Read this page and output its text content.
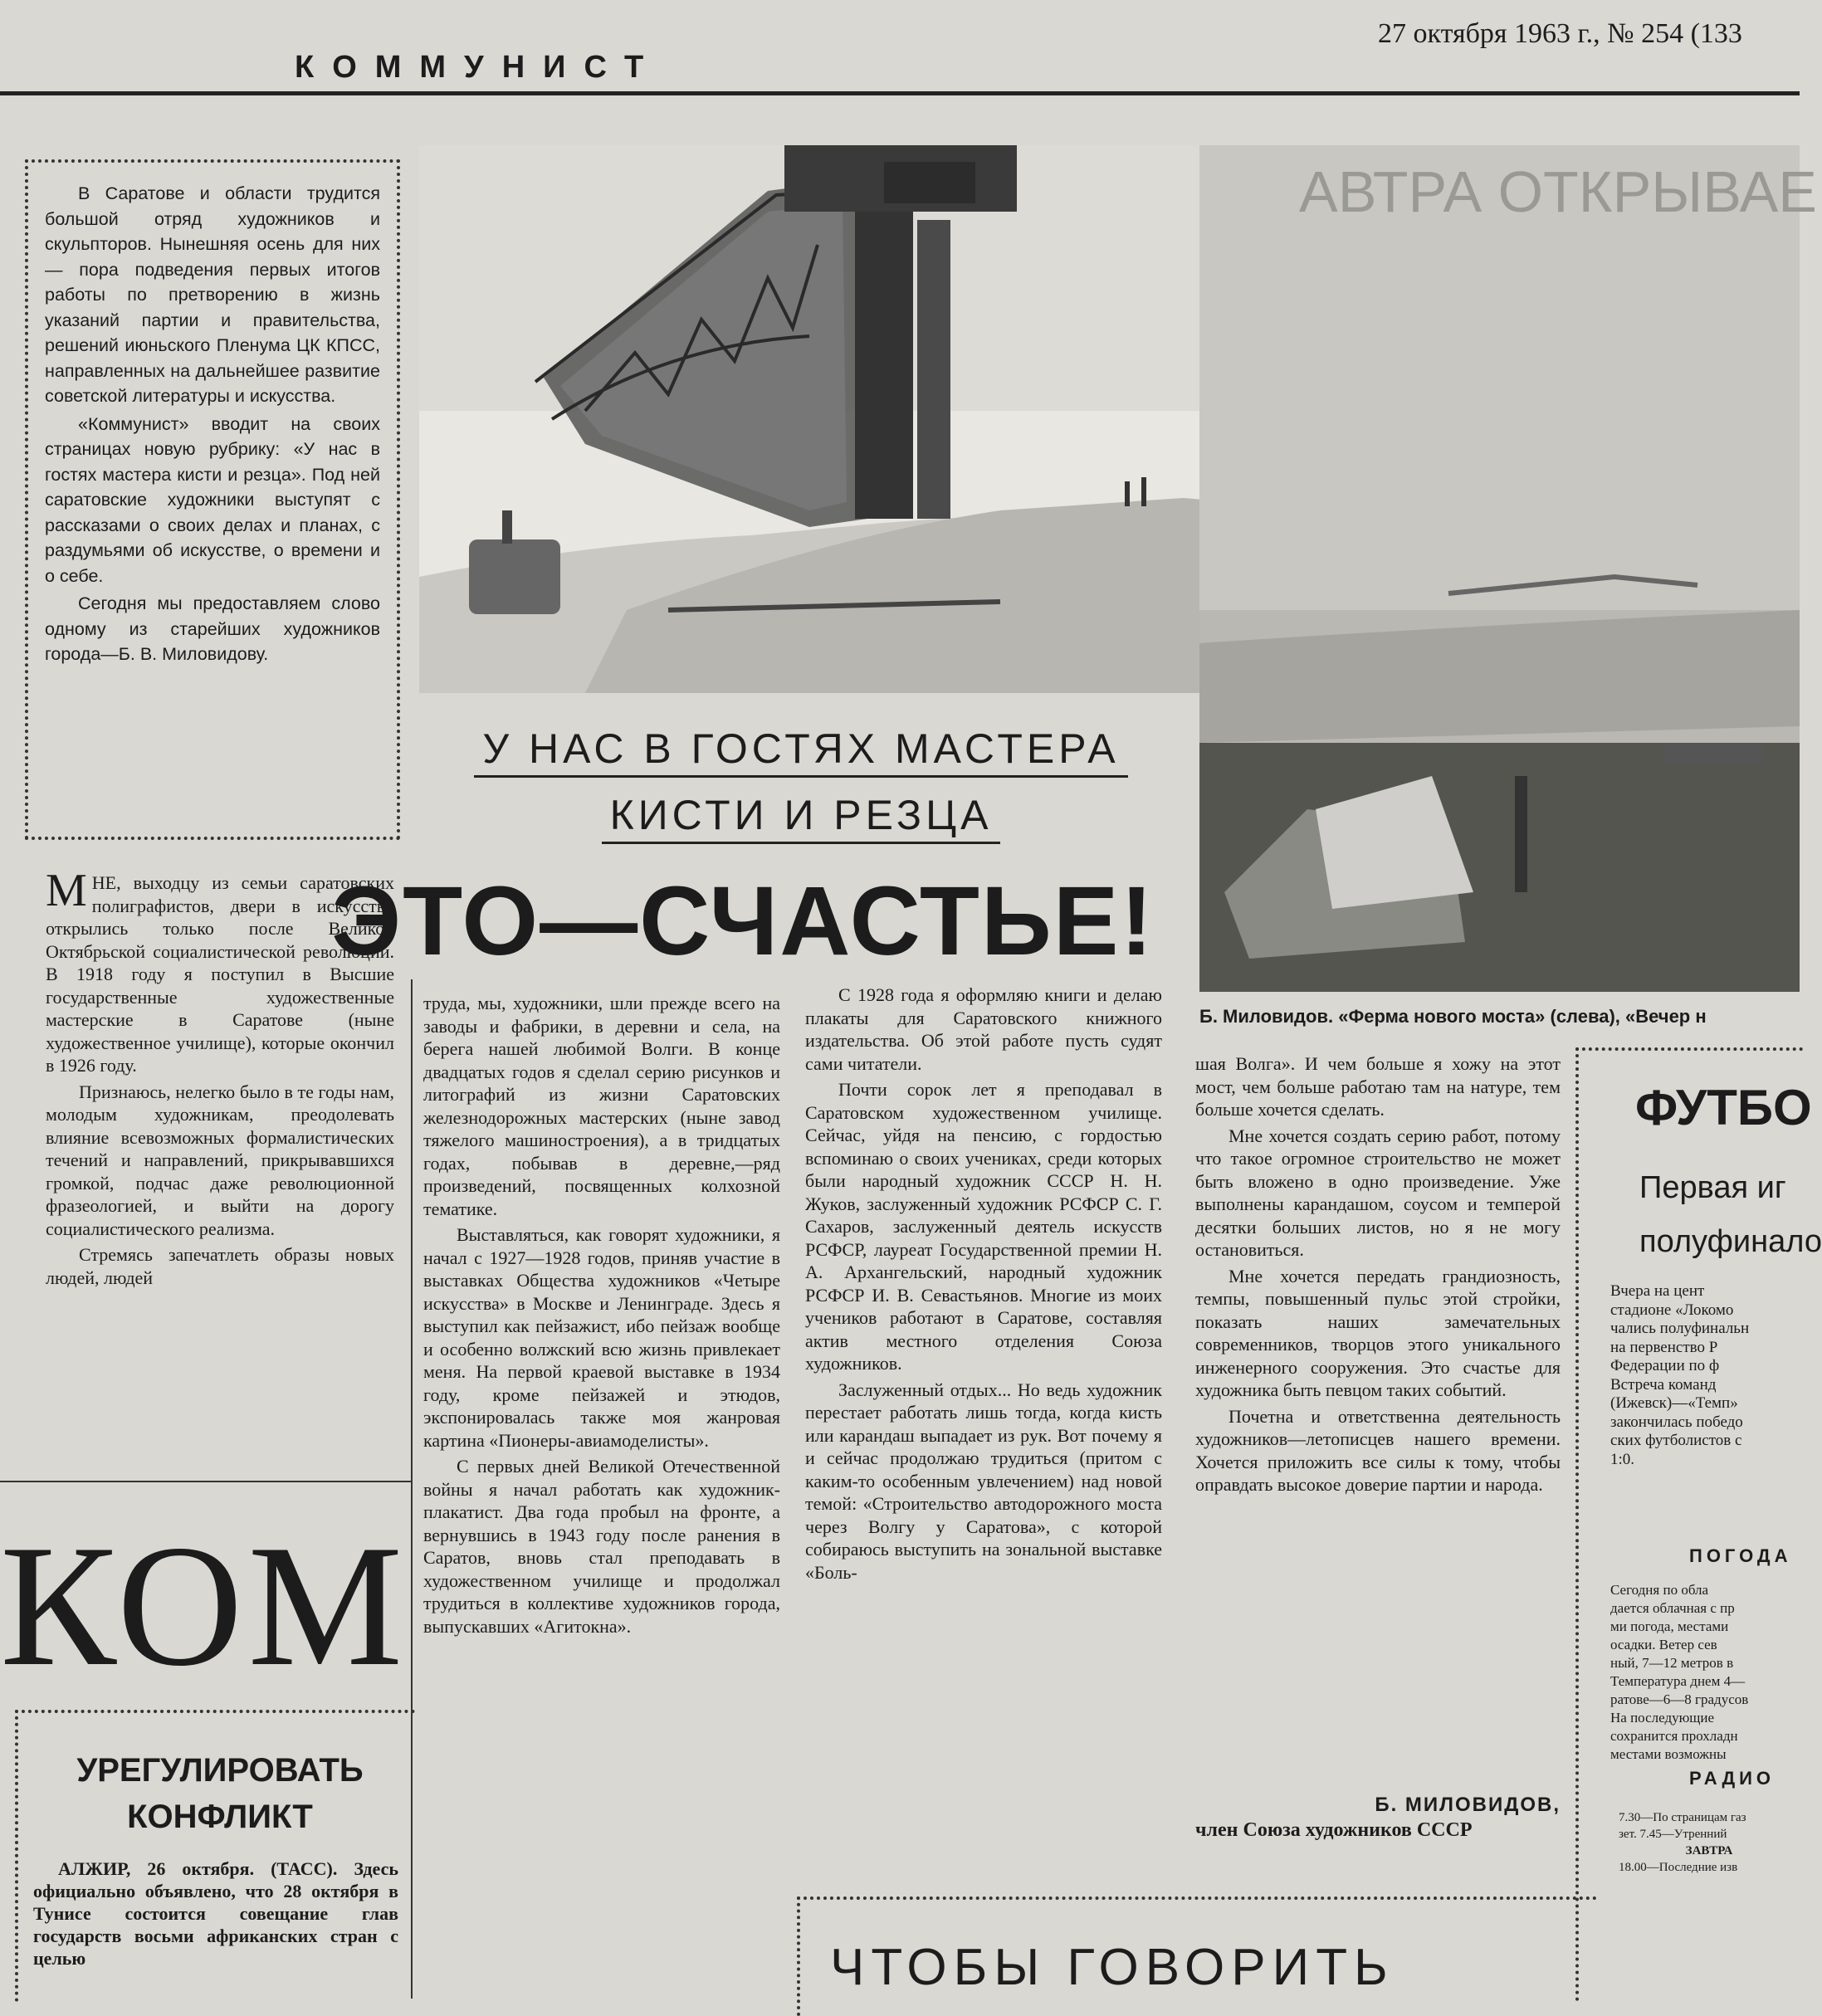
27 октября 1963 г., № 254 (133
КОММУНИСТ

В Саратове и области трудится большой отряд художников и скульпторов. Нынешняя осень для них— пора подведения первых итогов работы по претворению в жизнь указаний партии и правительства, решений июньского Пленума ЦК КПСС, направленных на дальнейшее развитие советской литературы и искусства.

«Коммунист» вводит на своих страницах новую рубрику: «У нас в гостях мастера кисти и резца». Под ней саратовские художники выступят с рассказами о своих делах и планах, с раздумьями об искусстве, о времени и о себе.

Сегодня мы предоставляем слово одному из старейших художников города—Б. В. Миловидову.

АВТРА ОТКРЫВАЕ
Б. Миловидов. «Ферма нового моста» (слева), «Вечер н
У НАС В ГОСТЯХ МАСТЕРА
КИСТИ И РЕЗЦА
ЭТО—СЧАСТЬЕ!

МНЕ, выходцу из семьи саратовских полиграфистов, двери в искусство открылись только после Великой Октябрьской социалистической революции. В 1918 году я поступил в Высшие государственные художественные мастерские в Саратове (ныне художественное училище), которые окончил в 1926 году.

Признаюсь, нелегко было в те годы нам, молодым художникам, преодолевать влияние всевозможных формалистических течений и направлений, прикрывавшихся громкой, подчас даже революционной фразеологией, и выйти на дорогу социалистического реализма.

Стремясь запечатлеть образы новых людей, людей

труда, мы, художники, шли прежде всего на заводы и фабрики, в деревни и села, на берега нашей любимой Волги. В конце двадцатых годов я сделал серию рисунков и литографий из жизни Саратовских железнодорожных мастерских (ныне завод тяжелого машиностроения), а в тридцатых годах, побывав в деревне,—ряд произведений, посвященных колхозной тематике.

Выставляться, как говорят художники, я начал с 1927—1928 годов, приняв участие в выставках Общества художников «Четыре искусства» в Москве и Ленинграде. Здесь я выступил как пейзажист, ибо пейзаж вообще и особенно волжский всю жизнь привлекает меня. На первой краевой выставке в 1934 году, кроме пейзажей и этюдов, экспонировалась также моя жанровая картина «Пионеры-авиамоделисты».

С первых дней Великой Отечественной войны я начал работать как художник-плакатист. Два года пробыл на фронте, а вернувшись в 1943 году после ранения в Саратов, вновь стал преподавать в художественном училище и продолжал трудиться в коллективе художников города, выпускавших «Агитокна».

С 1928 года я оформляю книги и делаю плакаты для Саратовского книжного издательства. Об этой работе пусть судят сами читатели.

Почти сорок лет я преподавал в Саратовском художественном училище. Сейчас, уйдя на пенсию, с гордостью вспоминаю о своих учениках, среди которых были народный художник СССР Н. Н. Жуков, заслуженный художник РСФСР С. Г. Сахаров, заслуженный деятель искусств РСФСР, лауреат Государственной премии Н. А. Архангельский, народный художник РСФСР И. В. Севастьянов. Многие из моих учеников работают в Саратове, составляя актив местного отделения Союза художников.

Заслуженный отдых... Но ведь художник перестает работать лишь тогда, когда кисть или карандаш выпадает из рук. Вот почему я и сейчас продолжаю трудиться (притом с каким-то особенным увлечением) над новой темой: «Строительство автодорожного моста через Волгу у Саратова», с которой собираюсь выступить на зональной выставке «Боль-

шая Волга». И чем больше я хожу на этот мост, чем больше работаю там на натуре, тем больше хочется сделать.

Мне хочется создать серию работ, потому что такое огромное строительство не может быть вложено в одно произведение. Уже выполнены карандашом, соусом и темперой десятки больших листов, но я не могу остановиться.

Мне хочется передать грандиозность, темпы, повышенный пульс этой стройки, показать наших замечательных современников, творцов этого уникального инженерного сооружения. Это счастье для художника быть певцом таких событий.

Почетна и ответственна деятельность художников—летописцев нашего времени. Хочется приложить все силы к тому, чтобы оправдать высокое доверие партии и народа.

Б. МИЛОВИДОВ,
член Союза художников СССР
КОМ
УРЕГУЛИРОВАТЬ
КОНФЛИКТ

АЛЖИР, 26 октября. (ТАСС). Здесь официально объявлено, что 28 октября в Тунисе состоится совещание глав государств восьми африканских стран с целью	ЧТОБЫ ГОВОРИТЬ
ФУТБО
Первая иг
полуфинало

Вчера на цент

стадионе «Локомо

чались полуфинальн

на первенство Р

Федерации по ф

Встреча команд

(Ижевск)—«Темп»

закончилась победо

ских футболистов с

1:0.

ПОГОДА

Сегодня по обла

дается облачная с пр

ми погода, местами

осадки. Ветер сев

ный, 7—12 метров в

Температура днем 4—

ратове—6—8 градусов

На последующие

сохранится прохладн

местами возможны

РАДИО

7.30—По страницам газ

зет. 7.45—Утренний

ЗАВТРА

18.00—Последние изв
